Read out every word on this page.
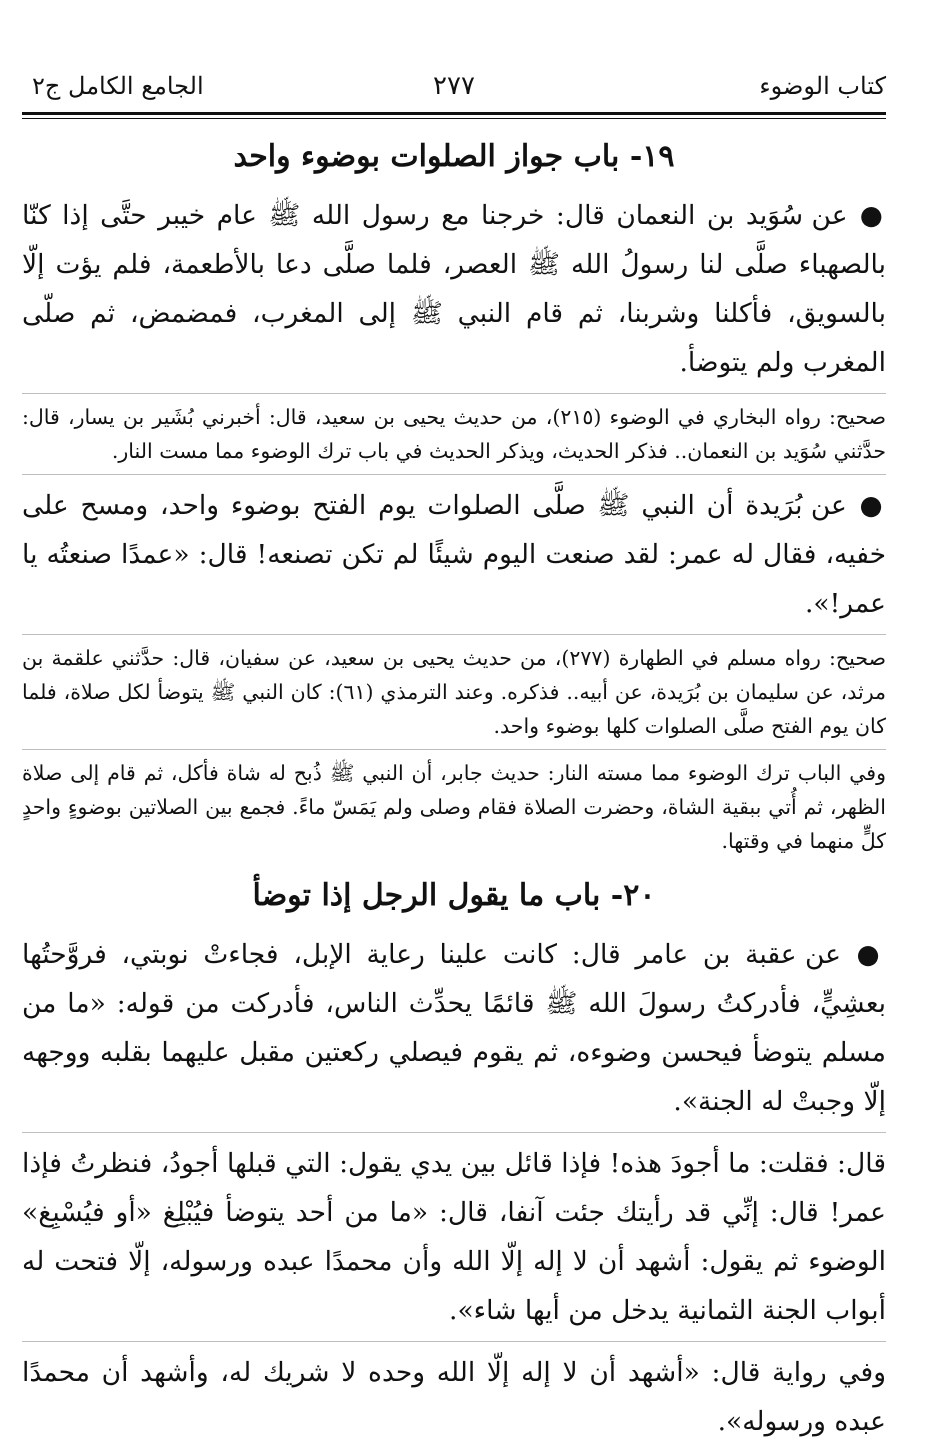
كتاب الوضوء
٢٧٧
الجامع الكامل ج٢
١٩- باب جواز الصلوات بوضوء واحد

● عن سُوَيد بن النعمان قال: خرجنا مع رسول الله ﷺ عام خيبر حتَّى إذا كنّا بالصهباء صلَّى لنا رسولُ الله ﷺ العصر، فلما صلَّى دعا بالأطعمة، فلم يؤت إلّا بالسويق، فأكلنا وشربنا، ثم قام النبي ﷺ إلى المغرب، فمضمض، ثم صلّى المغرب ولم يتوضأ.

صحيح: رواه البخاري في الوضوء (٢١٥)، من حديث يحيى بن سعيد، قال: أخبرني بُشَير بن يسار، قال: حدَّثني سُوَيد بن النعمان.. فذكر الحديث، ويذكر الحديث في باب ترك الوضوء مما مست النار.

● عن بُرَيدة أن النبي ﷺ صلَّى الصلوات يوم الفتح بوضوء واحد، ومسح على خفيه، فقال له عمر: لقد صنعت اليوم شيئًا لم تكن تصنعه! قال: «عمدًا صنعتُه يا عمر!».

صحيح: رواه مسلم في الطهارة (٢٧٧)، من حديث يحيى بن سعيد، عن سفيان، قال: حدَّثني علقمة بن مرثد، عن سليمان بن بُرَيدة، عن أبيه.. فذكره. وعند الترمذي (٦١): كان النبي ﷺ يتوضأ لكل صلاة، فلما كان يوم الفتح صلَّى الصلوات كلها بوضوء واحد.

وفي الباب ترك الوضوء مما مسته النار: حديث جابر، أن النبي ﷺ ذُبح له شاة فأكل، ثم قام إلى صلاة الظهر، ثم أُتي ببقية الشاة، وحضرت الصلاة فقام وصلى ولم يَمَسّ ماءً. فجمع بين الصلاتين بوضوءٍ واحدٍ كلٍّ منهما في وقتها.

٢٠- باب ما يقول الرجل إذا توضأ

● عن عقبة بن عامر قال: كانت علينا رعاية الإبل، فجاءتْ نوبتي، فروَّحتُها بعشِيٍّ، فأدركتُ رسولَ الله ﷺ قائمًا يحدِّث الناس، فأدركت من قوله: «ما من مسلم يتوضأ فيحسن وضوءه، ثم يقوم فيصلي ركعتين مقبل عليهما بقلبه ووجهه إلّا وجبتْ له الجنة».

قال: فقلت: ما أجودَ هذه! فإذا قائل بين يدي يقول: التي قبلها أجودُ، فنظرتُ فإذا عمر! قال: إنِّي قد رأيتك جئت آنفا، قال: «ما من أحد يتوضأ فيُبْلِغ «أو فيُسْبِغ» الوضوء ثم يقول: أشهد أن لا إله إلّا الله وأن محمدًا عبده ورسوله، إلّا فتحت له أبواب الجنة الثمانية يدخل من أيها شاء».

وفي رواية قال: «أشهد أن لا إله إلّا الله وحده لا شريك له، وأشهد أن محمدًا عبده ورسوله».
